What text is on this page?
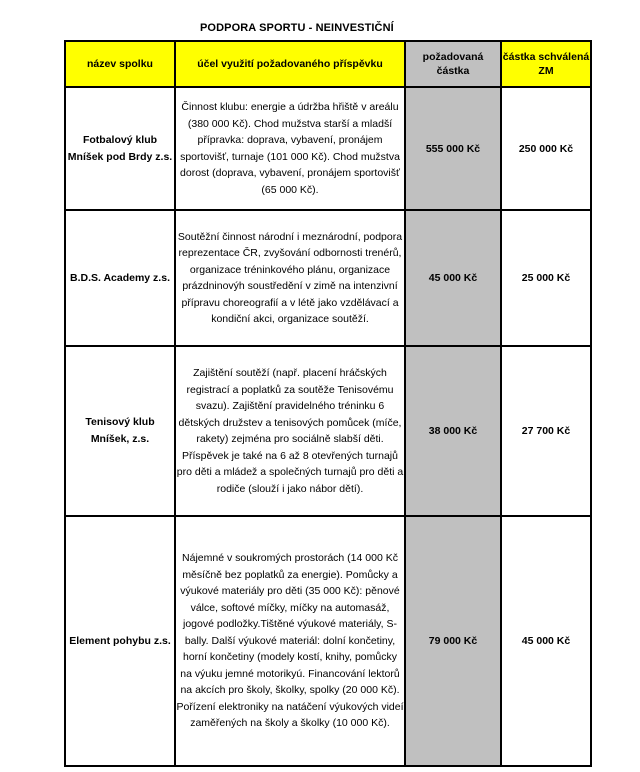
PODPORA SPORTU - NEINVESTIČNÍ
název spolku	účel využití požadovaného příspěvku	požadovaná částka	částka schválená ZM
Fotbalový klub Mníšek pod Brdy z.s.	Činnost klubu: energie a údržba hřiště v areálu (380 000 Kč). Chod mužstva starší a mladší přípravka: doprava, vybavení, pronájem sportovišť, turnaje (101 000 Kč). Chod mužstva dorost (doprava, vybavení, pronájem sportovišť (65 000 Kč).	555 000 Kč	250 000 Kč
B.D.S. Academy z.s.	Soutěžní činnost národní i meznárodní, podpora reprezentace ČR, zvyšování odbornosti trenérů, organizace tréninkového plánu, organizace prázdninovýh soustředění v zimě na intenzivní přípravu choreografií a v létě jako vzdělávací a kondiční akci, organizace soutěží.	45 000 Kč	25 000 Kč
Tenisový klub Mníšek, z.s.	Zajištění soutěží (např. placení hráčských registrací a poplatků za soutěže Tenisovému svazu). Zajištění pravidelného tréninku 6 dětských družstev a tenisových pomůcek (míče, rakety) zejména pro sociálně slabší děti. Příspěvek je také na 6 až 8 otevřených turnajů pro děti a mládež a společných turnajů pro děti a rodiče (slouží i jako nábor dětí).	38 000 Kč	27 700 Kč
Element pohybu z.s.	Nájemné v soukromých prostorách (14 000 Kč měsíčně bez poplatků za energie). Pomůcky a výukové materiály pro děti (35 000 Kč): pěnové válce, softové míčky, míčky na automasáž, jogové podložky.Tištěné výukové materiály, S-bally. Další výukové materiál: dolní končetiny, horní končetiny (modely kostí, knihy, pomůcky na výuku jemné motorikyú. Financování lektorů na akcích pro školy, školky, spolky (20 000 Kč). Pořízení elektroniky na natáčení výukových videí zaměřených na školy a školky (10 000 Kč).	79 000 Kč	45 000 Kč
